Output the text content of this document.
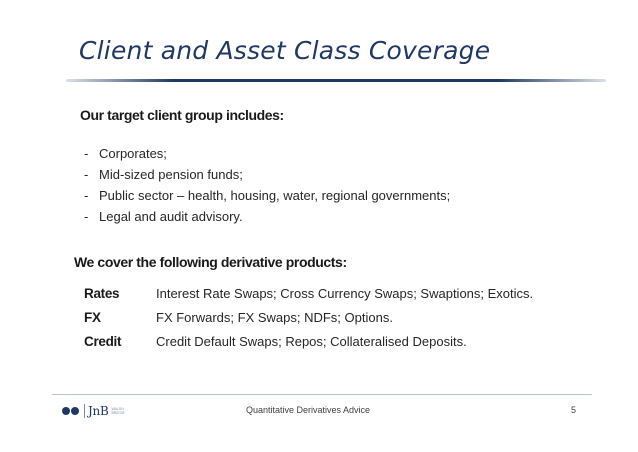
Client and Asset Class Coverage
Our target client group includes:
- Corporates;
- Mid-sized pension funds;
- Public sector – health, housing, water, regional governments;
- Legal and audit advisory.
We cover the following derivative products:
Rates	Interest Rate Swaps; Cross Currency Swaps; Swaptions; Exotics.
FX	FX Forwards; FX Swaps; NDFs; Options.
Credit	Credit Default Swaps; Repos; Collateralised Deposits.
JnB WALSH
BRIDGE	Quantitative Derivatives Advice	5
